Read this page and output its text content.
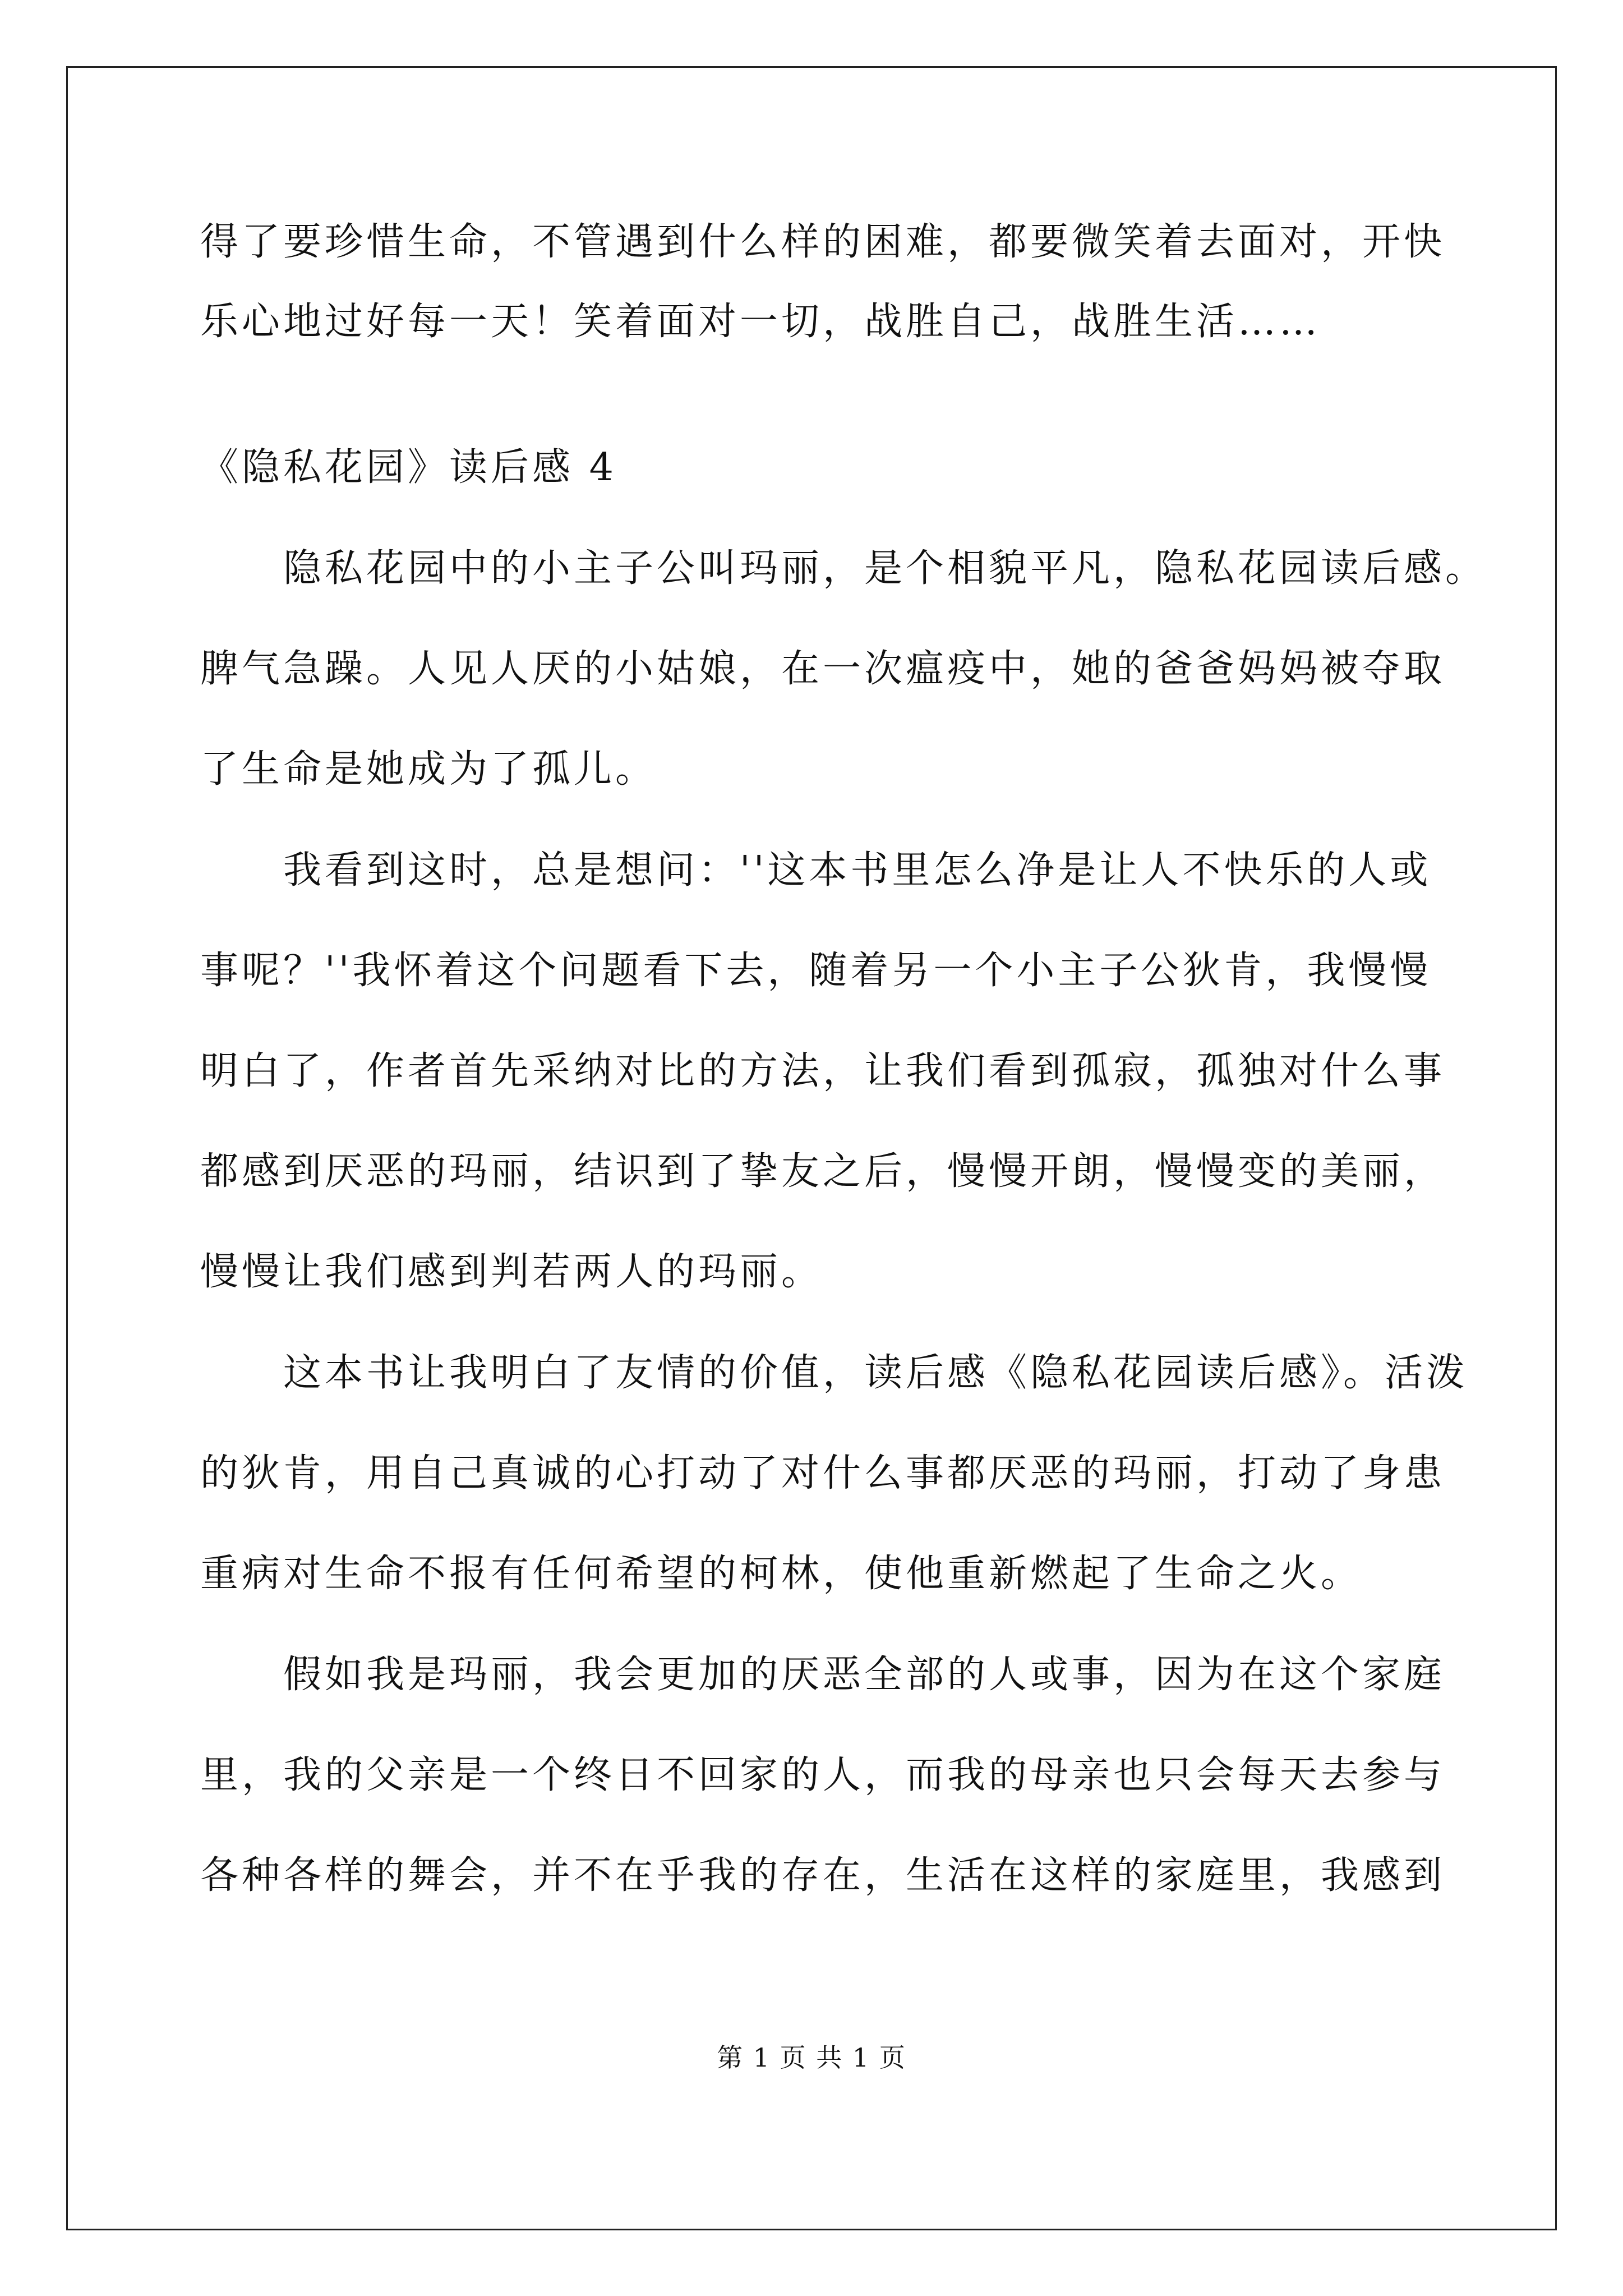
得了要珍惜生命，不管遇到什么样的困难，都要微笑着去面对，开快
乐心地过好每一天！笑着面对一切，战胜自己，战胜生活……
《隐私花园》读后感 4
隐私花园中的小主子公叫玛丽，是个相貌平凡，隐私花园读后感。
脾气急躁。人见人厌的小姑娘，在一次瘟疫中，她的爸爸妈妈被夺取
了生命是她成为了孤儿。
我看到这时，总是想问：''这本书里怎么净是让人不快乐的人或
事呢？''我怀着这个问题看下去，随着另一个小主子公狄肯，我慢慢
明白了，作者首先采纳对比的方法，让我们看到孤寂，孤独对什么事
都感到厌恶的玛丽，结识到了挚友之后，慢慢开朗，慢慢变的美丽，
慢慢让我们感到判若两人的玛丽。
这本书让我明白了友情的价值，读后感《隐私花园读后感》。活泼
的狄肯，用自己真诚的心打动了对什么事都厌恶的玛丽，打动了身患
重病对生命不报有任何希望的柯林，使他重新燃起了生命之火。
假如我是玛丽，我会更加的厌恶全部的人或事，因为在这个家庭
里，我的父亲是一个终日不回家的人，而我的母亲也只会每天去参与
各种各样的舞会，并不在乎我的存在，生活在这样的家庭里，我感到
第 1 页 共 1 页
